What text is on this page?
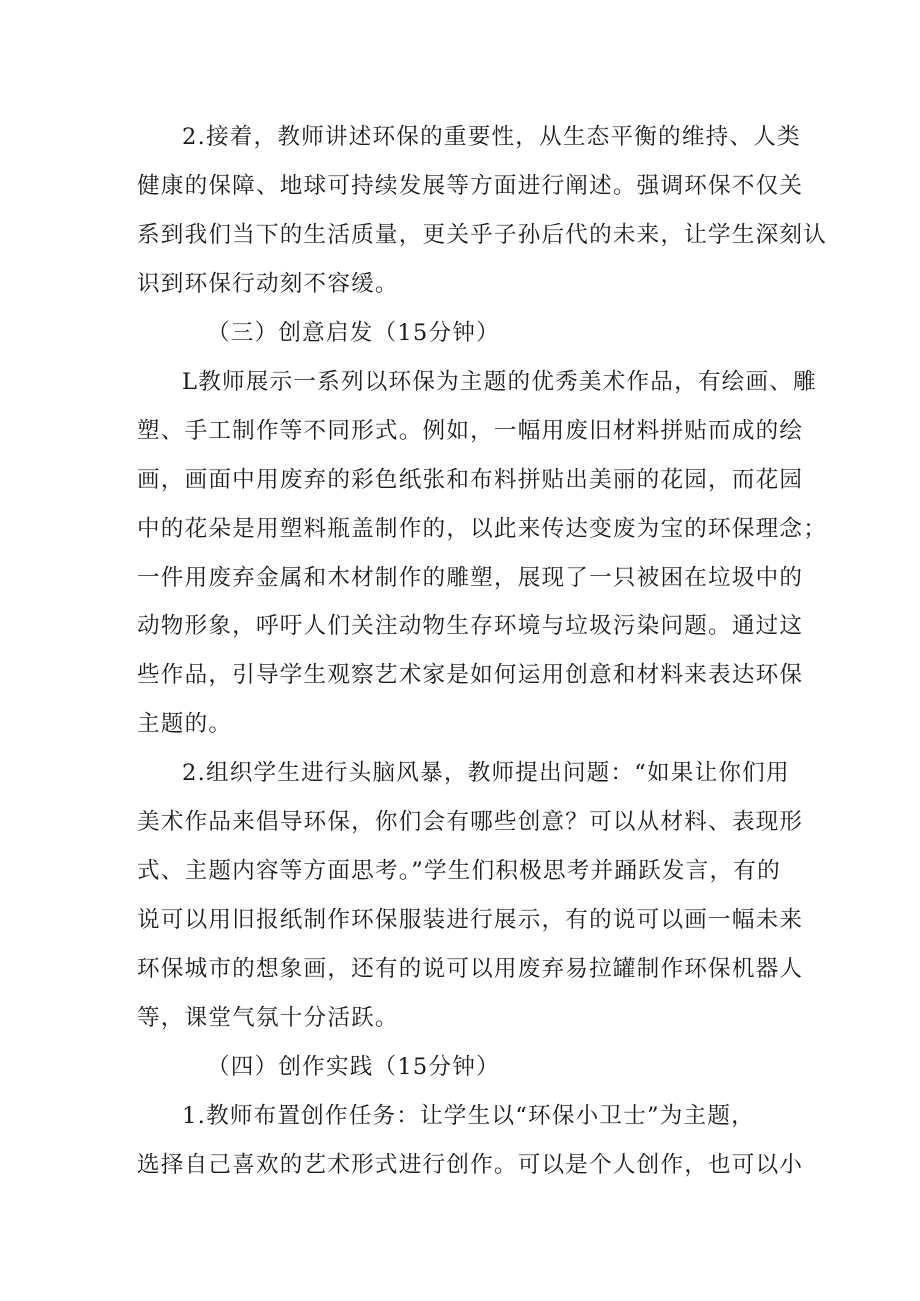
2.接着，教师讲述环保的重要性，从生态平衡的维持、人类
健康的保障、地球可持续发展等方面进行阐述。强调环保不仅关
系到我们当下的生活质量，更关乎子孙后代的未来，让学生深刻认
识到环保行动刻不容缓。
（三）创意启发（15分钟）
L教师展示一系列以环保为主题的优秀美术作品，有绘画、雕
塑、手工制作等不同形式。例如，一幅用废旧材料拼贴而成的绘
画，画面中用废弃的彩色纸张和布料拼贴出美丽的花园，而花园
中的花朵是用塑料瓶盖制作的，以此来传达变废为宝的环保理念；
一件用废弃金属和木材制作的雕塑，展现了一只被困在垃圾中的
动物形象，呼吁人们关注动物生存环境与垃圾污染问题。通过这
些作品，引导学生观察艺术家是如何运用创意和材料来表达环保
主题的。
2.组织学生进行头脑风暴，教师提出问题：“如果让你们用
美术作品来倡导环保，你们会有哪些创意？可以从材料、表现形
式、主题内容等方面思考。”学生们积极思考并踊跃发言，有的
说可以用旧报纸制作环保服装进行展示，有的说可以画一幅未来
环保城市的想象画，还有的说可以用废弃易拉罐制作环保机器人
等，课堂气氛十分活跃。
（四）创作实践（15分钟）
1.教师布置创作任务：让学生以“环保小卫士”为主题，
选择自己喜欢的艺术形式进行创作。可以是个人创作，也可以小
